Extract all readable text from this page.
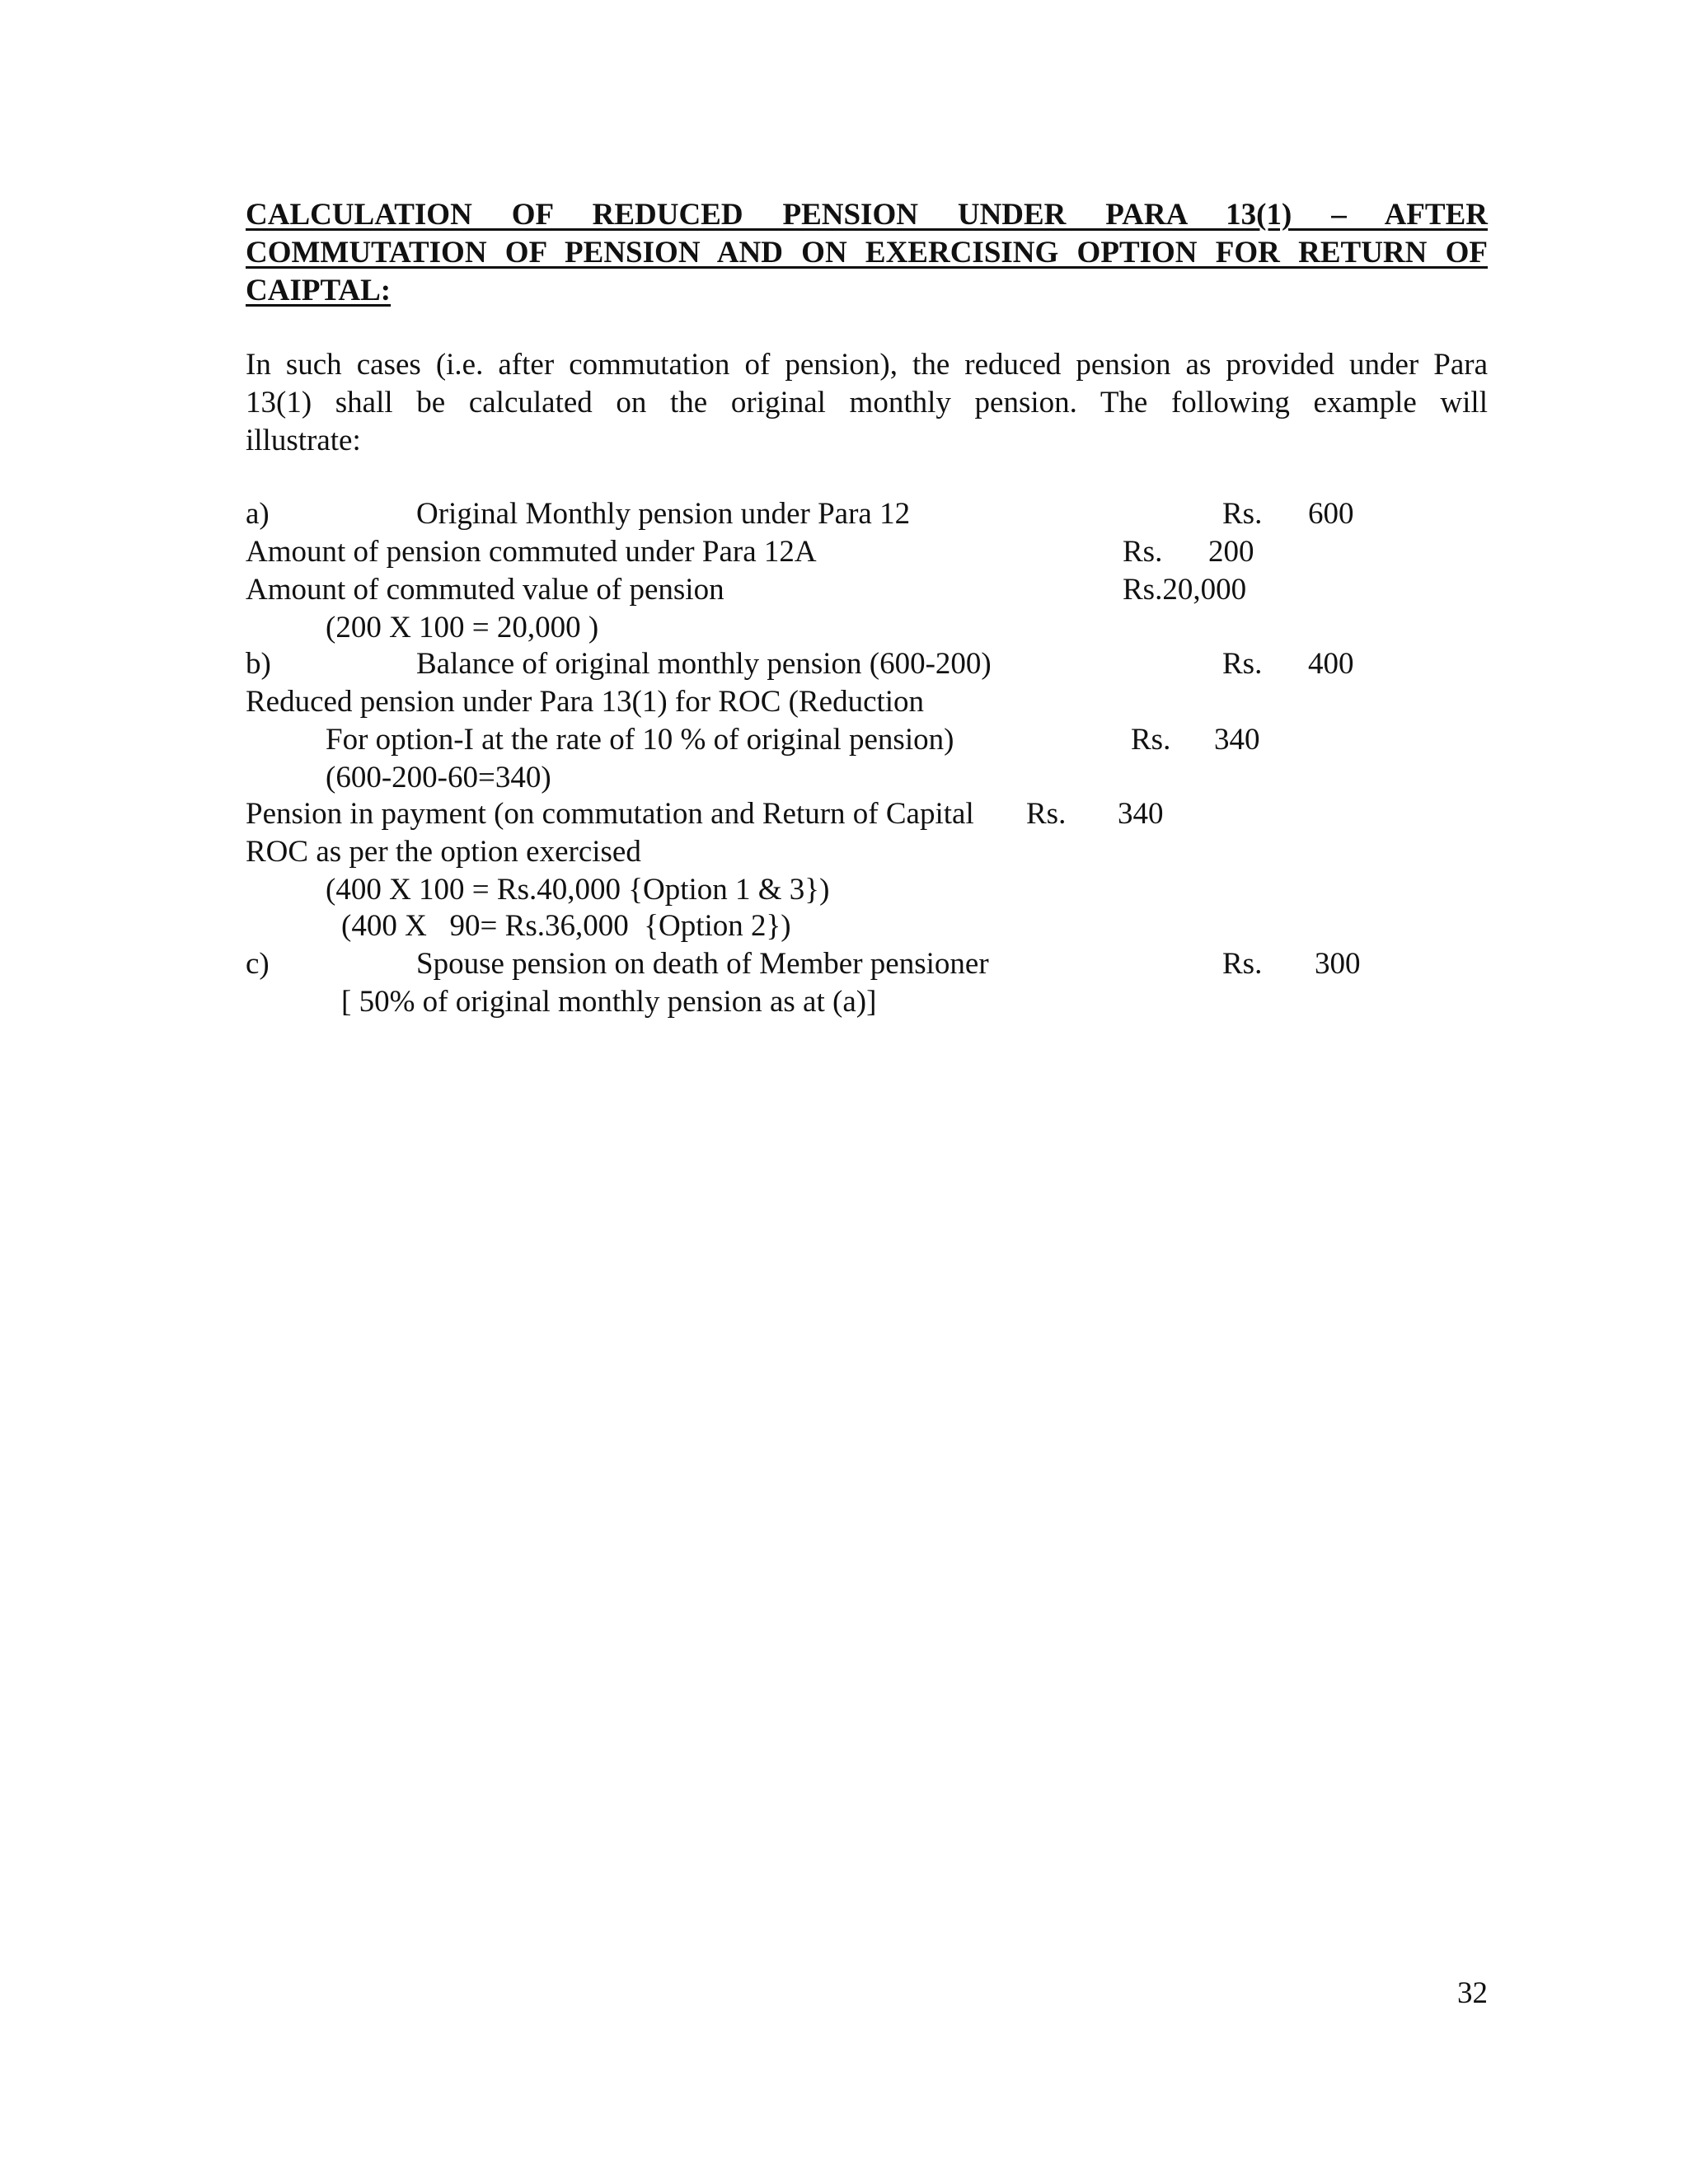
CALCULATION OF REDUCED PENSION UNDER PARA 13(1) – AFTER
COMMUTATION OF PENSION AND ON EXERCISING OPTION FOR RETURN OF
CAIPTAL:
In such cases (i.e. after commutation of pension), the reduced pension as provided under Para
13(1) shall be calculated on the original monthly pension. The following example will
illustrate:
a)	Original Monthly pension under Para 12	Rs. 600
Amount of pension commuted under Para 12A	Rs. 200
Amount of commuted value of pension	Rs.20,000
(200 X 100 = 20,000 )
b)	Balance of original monthly pension (600-200)	Rs. 400
Reduced pension under Para 13(1) for ROC (Reduction
For option-I at the rate of 10 % of original pension)	Rs. 340
(600-200-60=340)
Pension in payment (on commutation and Return of Capital Rs. 340
ROC as per the option exercised
(400 X 100 = Rs.40,000 {Option 1 & 3})
(400 X   90= Rs.36,000  {Option 2})
c)	Spouse pension on death of Member pensioner	Rs. 300
[ 50% of original monthly pension as at (a)]
32
